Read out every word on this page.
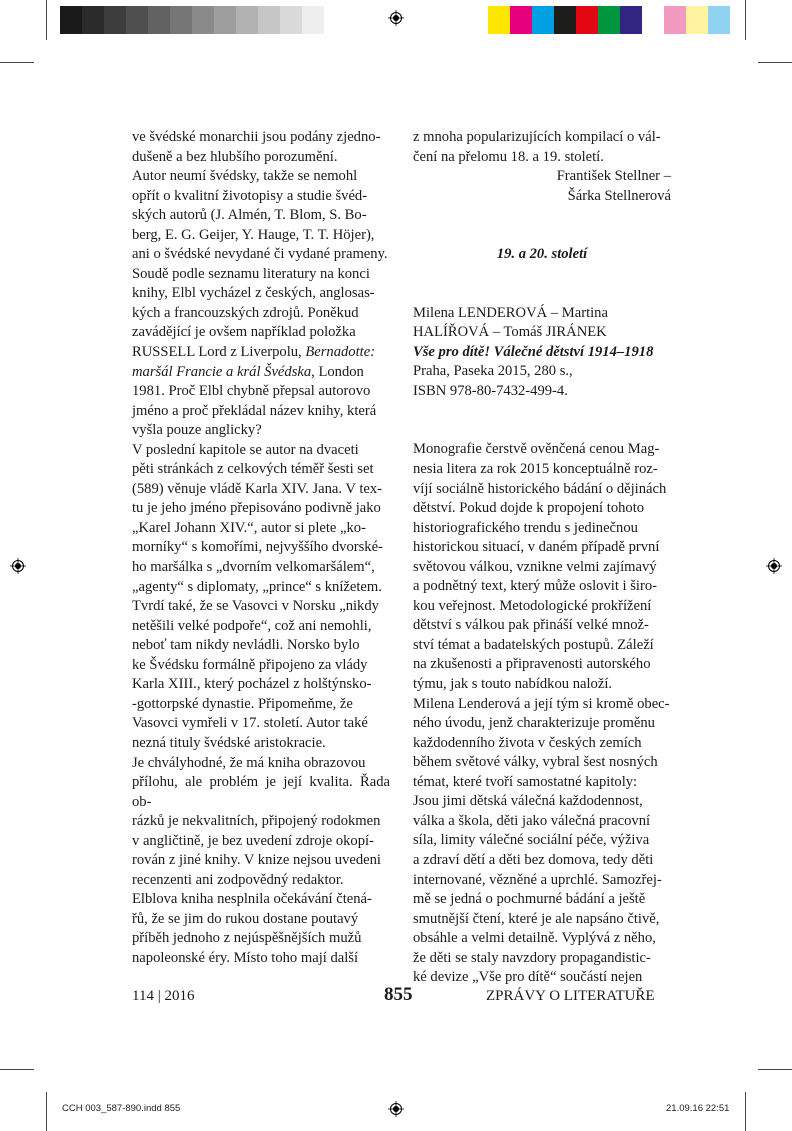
ve švédské monarchii jsou podány zjedno-
dušeně a bez hlubšího porozumění.

Autor neumí švédsky, takže se nemohl
opřít o kvalitní životopisy a studie švéd-
ských autorů (J. Almén, T. Blom, S. Bo-
berg, E. G. Geijer, Y. Hauge, T. T. Höjer),
ani o švédské nevydané či vydané prameny.
Soudě podle seznamu literatury na konci
knihy, Elbl vycházel z českých, anglosas-
kých a francouzských zdrojů. Poněkud
zavádějící je ovšem například položka

RUSSELL Lord z Liverpolu, Bernadotte:
maršál Francie a král Švédska, London

1981. Proč Elbl chybně přepsal autorovo
jméno a proč překládal název knihy, která
vyšla pouze anglicky?

V poslední kapitole se autor na dvaceti
pěti stránkách z celkových téměř šesti set
(589) věnuje vládě Karla XIV. Jana. V tex-
tu je jeho jméno přepisováno podivně jako
„Karel Johann XIV.“, autor si plete „ko-
morníky“ s komořími, nejvyššího dvorské-
ho maršálka s „dvorním velkomaršálem“,
„agenty“ s diplomaty, „prince“ s knížetem.
Tvrdí také, že se Vasovci v Norsku „nikdy
netěšili velké podpoře“, což ani nemohli,
neboť tam nikdy nevládli. Norsko bylo
ke Švédsku formálně připojeno za vlády
Karla XIII., který pocházel z holštýnsko-
-gottorpské dynastie. Připomeňme, že
Vasovci vymřeli v 17. století. Autor také
nezná tituly švédské aristokracie.

Je chvályhodné, že má kniha obrazovou
přílohu, ale problém je její kvalita. Řada ob-
rázků je nekvalitních, připojený rodokmen
v angličtině, je bez uvedení zdroje okopí-
rován z jiné knihy. V knize nejsou uvedeni
recenzenti ani zodpovědný redaktor.

Elblova kniha nesplnila očekávání čtená-
řů, že se jim do rukou dostane poutavý
příběh jednoho z nejúspěšnějších mužů
napoleonské éry. Místo toho mají další

z mnoha popularizujících kompilací o vál-
čení na přelomu 18. a 19. století.

František Stellner –
Šárka Stellnerová

19. a 20. století

Milena LENDEROVÁ – Martina
HALÍŘOVÁ – Tomáš JIRÁNEK

Vše pro dítě! Válečné dětství 1914–1918

Praha, Paseka 2015, 280 s.,
ISBN 978-80-7432-499-4.

Monografie čerstvě ověnčená cenou Mag-
nesia litera za rok 2015 konceptuálně roz-
víjí sociálně historického bádání o dějinách
dětství. Pokud dojde k propojení tohoto
historiografického trendu s jedinečnou
historickou situací, v daném případě první
světovou válkou, vznikne velmi zajímavý
a podnětný text, který může oslovit i širo-
kou veřejnost. Metodologické prokřížení
dětství s válkou pak přináší velké množ-
ství témat a badatelských postupů. Záleží
na zkušenosti a připravenosti autorského
týmu, jak s touto nabídkou naloží.

Milena Lenderová a její tým si kromě obec-
ného úvodu, jenž charakterizuje proměnu
každodenního života v českých zemích
během světové války, vybral šest nosných
témat, které tvoří samostatné kapitoly:
Jsou jimi dětská válečná každodennost,
válka a škola, děti jako válečná pracovní
síla, limity válečné sociální péče, výživa
a zdraví dětí a děti bez domova, tedy děti
internované, vězněné a uprchlé. Samozřej-
mě se jedná o pochmurné bádání a ještě
smutnější čtení, které je ale napsáno čtivě,
obsáhle a velmi detailně. Vyplývá z něho,
že děti se staly navzdory propagandistic-
ké devize „Vše pro dítě“ součástí nejen

114 | 2016	855	ZPRÁVY O LITERATUŘE
CCH 003_587-890.indd 855	21.09.16 22:51
